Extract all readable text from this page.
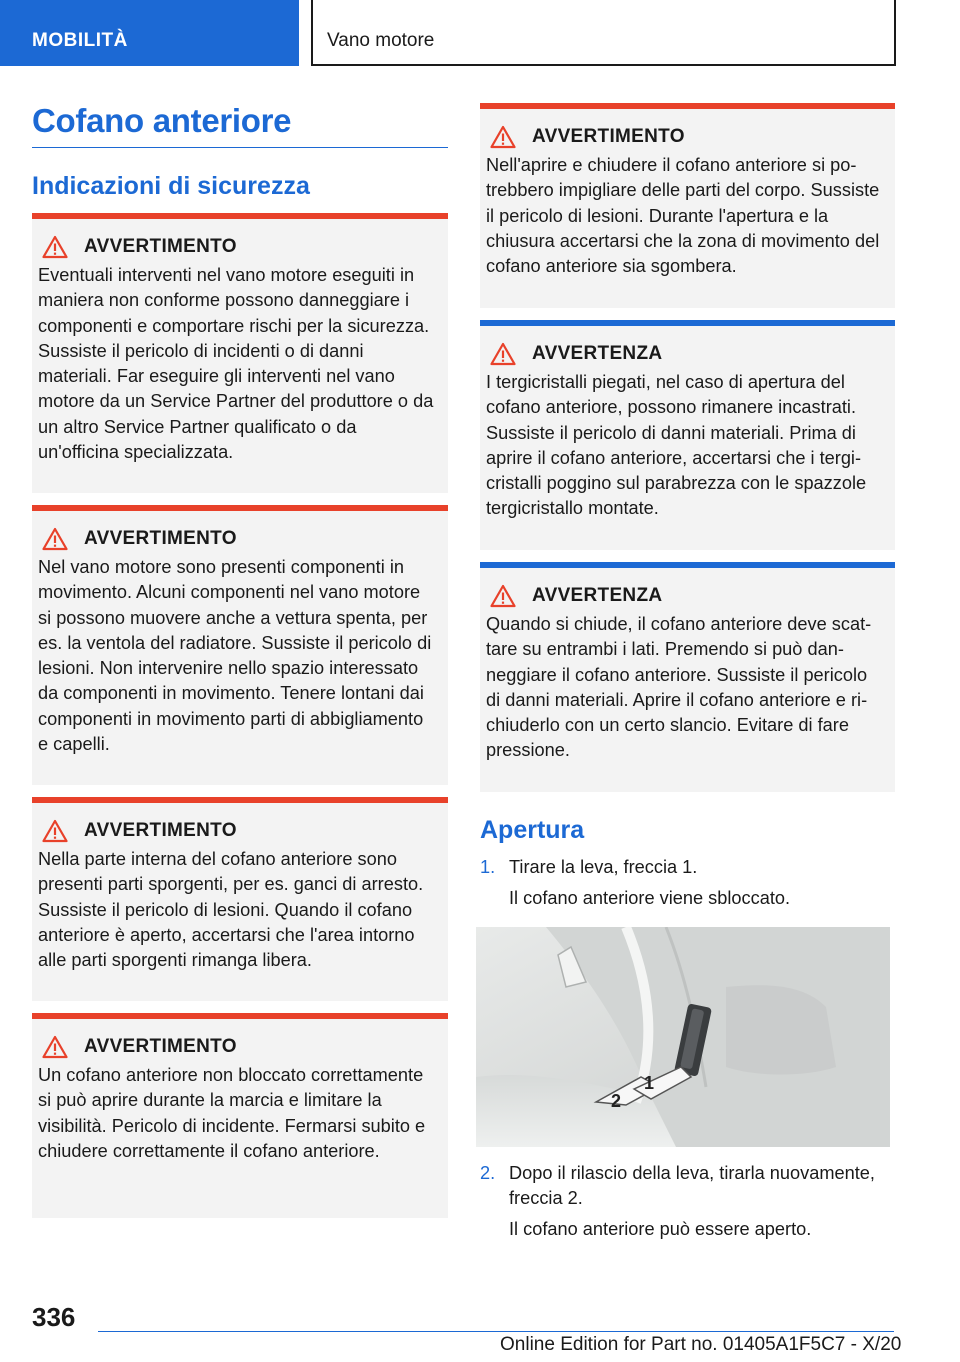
MOBILITÀ	Vano motore
Cofano anteriore
Indicazioni di sicurezza
AVVERTIMENTO
Eventuali interventi nel vano motore eseguiti in maniera non conforme possono danneggiare i componenti e comportare rischi per la sicurezza. Sussiste il pericolo di incidenti o di danni materiali. Far eseguire gli interventi nel vano motore da un Service Partner del produttore o da un altro Service Partner qualificato o da un'officina specializzata.
AVVERTIMENTO
Nel vano motore sono presenti componenti in movimento. Alcuni componenti nel vano motore si possono muovere anche a vettura spenta, per es. la ventola del radiatore. Sussiste il pericolo di lesioni. Non intervenire nello spazio interessato da componenti in movimento. Tenere lontani dai componenti in movimento parti di abbigliamento e capelli.
AVVERTIMENTO
Nella parte interna del cofano anteriore sono presenti parti sporgenti, per es. ganci di arresto. Sussiste il pericolo di lesioni. Quando il cofano anteriore è aperto, accertarsi che l'area intorno alle parti sporgenti rimanga libera.
AVVERTIMENTO
Un cofano anteriore non bloccato correttamente si può aprire durante la marcia e limitare la visibilità. Pericolo di incidente. Fermarsi subito e chiudere correttamente il cofano anteriore.
AVVERTIMENTO
Nell'aprire e chiudere il cofano anteriore si potrebbero impigliare delle parti del corpo. Sussiste il pericolo di lesioni. Durante l'apertura e la chiusura accertarsi che la zona di movimento del cofano anteriore sia sgombera.
AVVERTENZA
I tergicristalli piegati, nel caso di apertura del cofano anteriore, possono rimanere incastrati. Sussiste il pericolo di danni materiali. Prima di aprire il cofano anteriore, accertarsi che i tergicristalli poggino sul parabrezza con le spazzole tergicristallo montate.
AVVERTENZA
Quando si chiude, il cofano anteriore deve scattare su entrambi i lati. Premendo si può danneggiare il cofano anteriore. Sussiste il pericolo di danni materiali. Aprire il cofano anteriore e richiuderlo con un certo slancio. Evitare di fare pressione.
Apertura
1. Tirare la leva, freccia 1.
Il cofano anteriore viene sbloccato.
1
2
2. Dopo il rilascio della leva, tirarla nuovamente, freccia 2.
Il cofano anteriore può essere aperto.
336
Online Edition for Part no. 01405A1F5C7 - X/20
